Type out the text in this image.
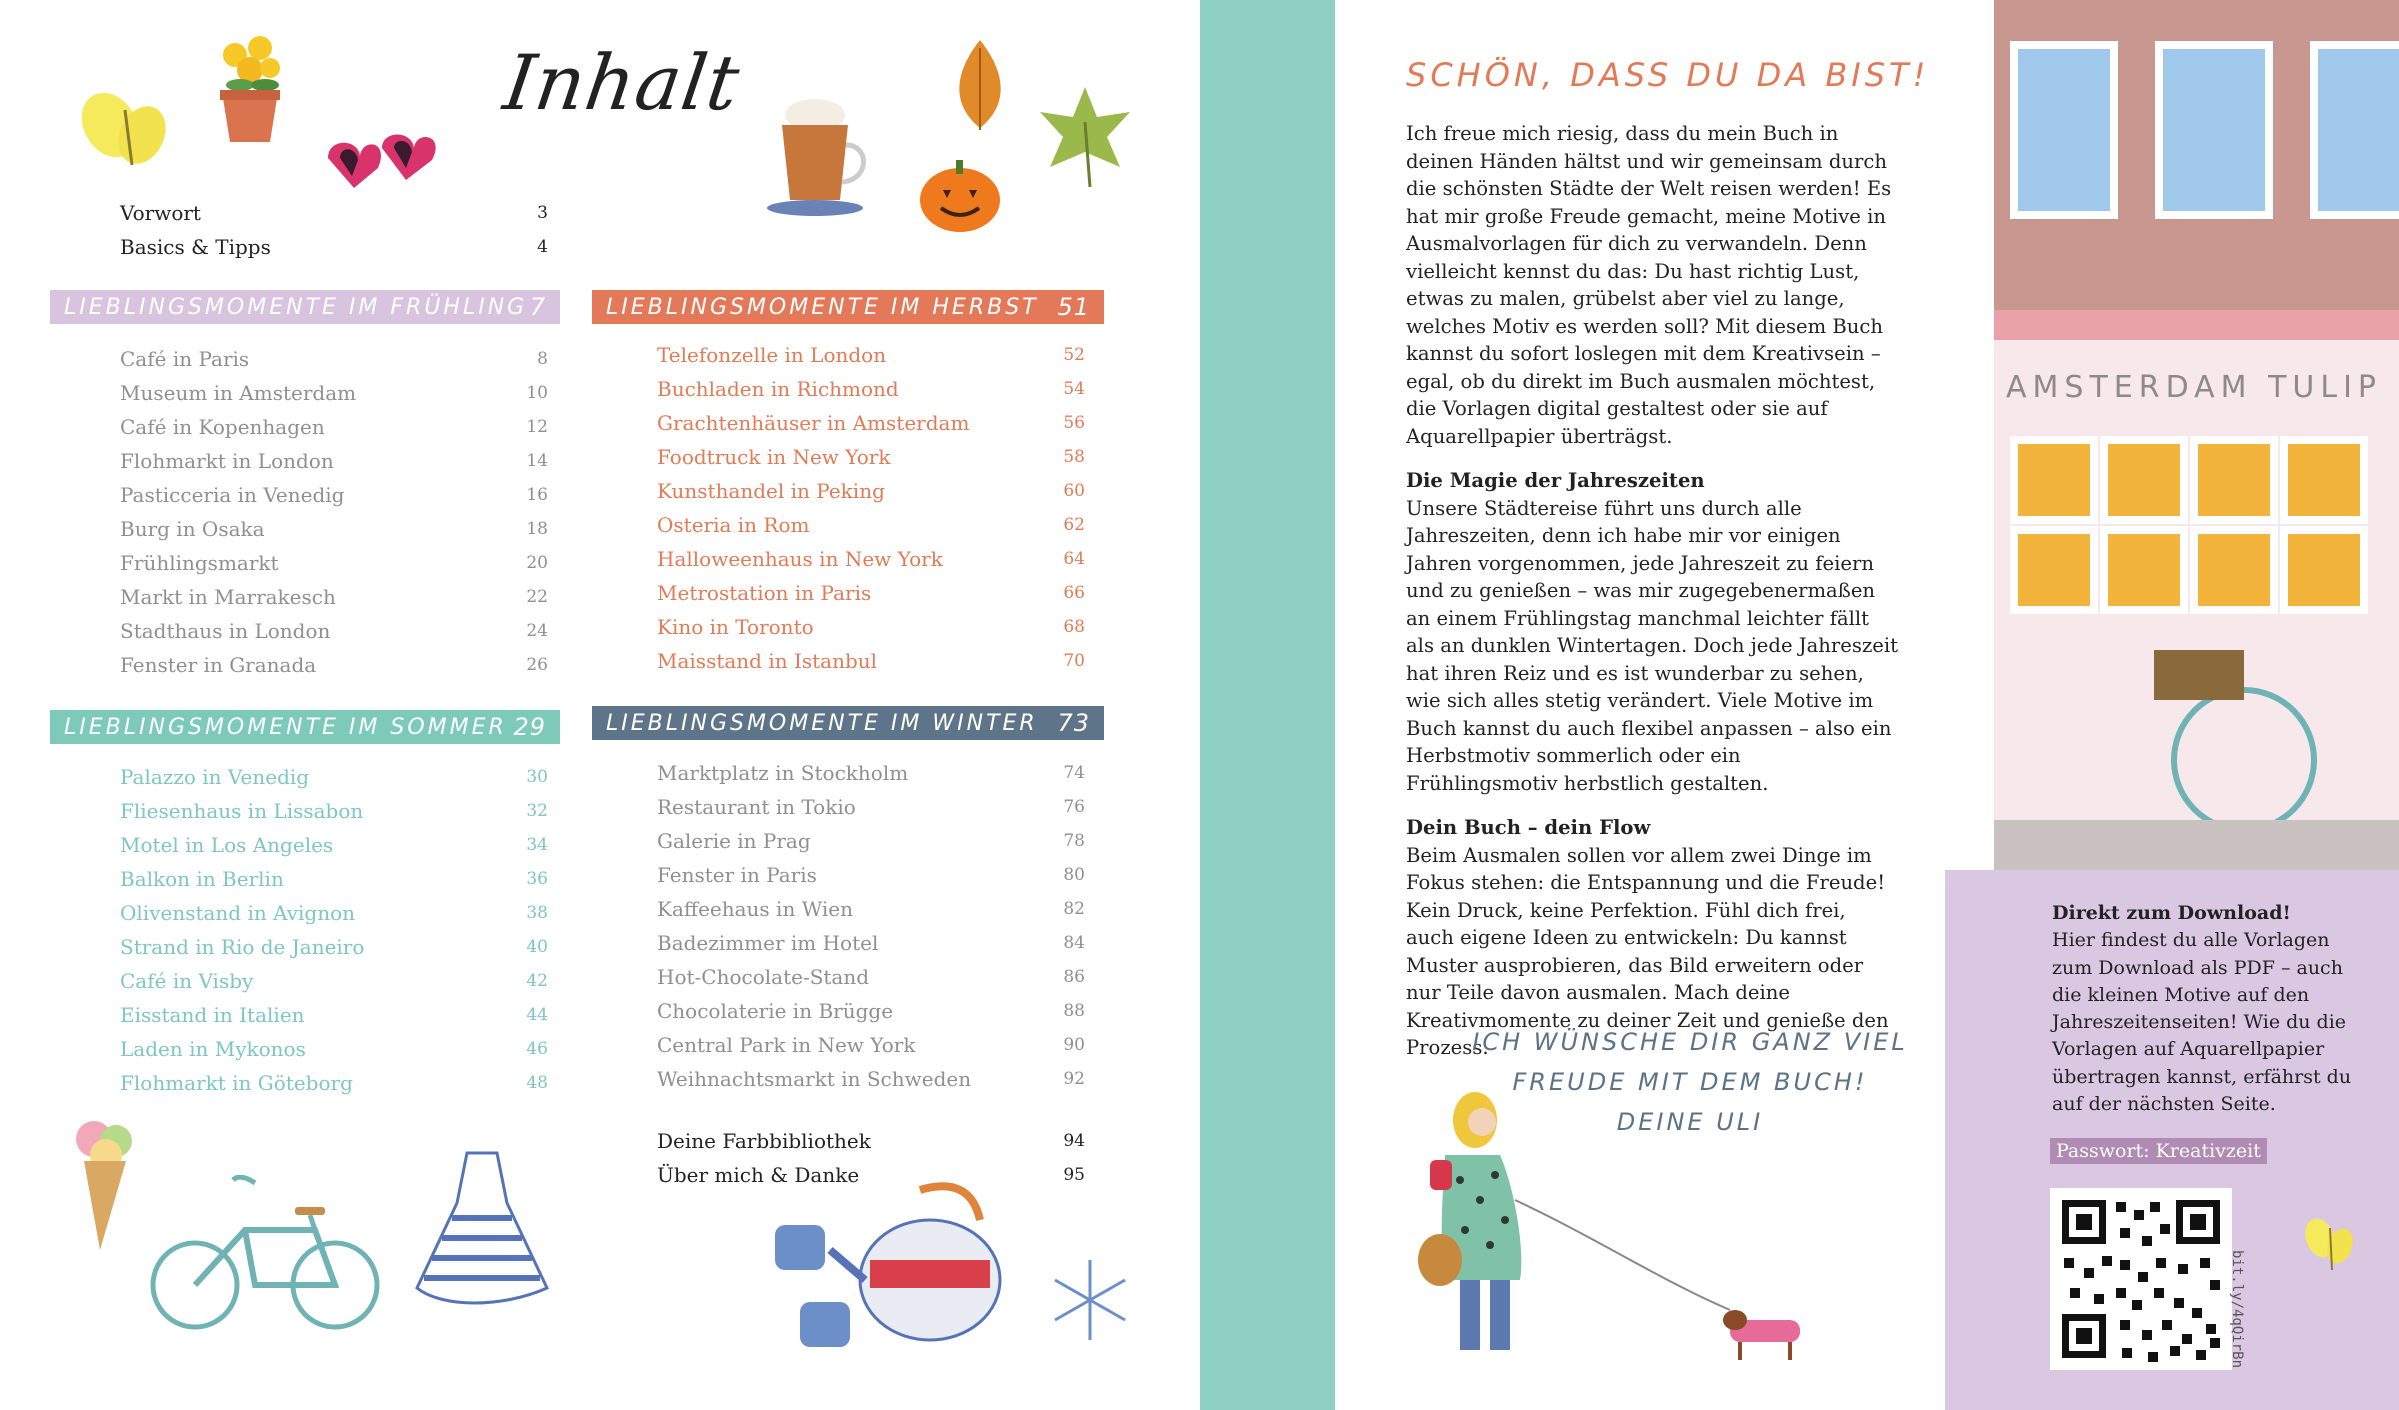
Inhalt
Vorwort	3
Basics & Tipps	4
LIEBLINGSMOMENTE IM FRÜHLING 7
Café in Paris	8
Museum in Amsterdam	10
Café in Kopenhagen	12
Flohmarkt in London	14
Pasticceria in Venedig	16
Burg in Osaka	18
Frühlingsmarkt	20
Markt in Marrakesch	22
Stadthaus in London	24
Fenster in Granada	26
LIEBLINGSMOMENTE IM SOMMER 29
Palazzo in Venedig	30
Fliesenhaus in Lissabon	32
Motel in Los Angeles	34
Balkon in Berlin	36
Olivenstand in Avignon	38
Strand in Rio de Janeiro	40
Café in Visby	42
Eisstand in Italien	44
Laden in Mykonos	46
Flohmarkt in Göteborg	48
LIEBLINGSMOMENTE IM HERBST 51
Telefonzelle in London	52
Buchladen in Richmond	54
Grachtenhäuser in Amsterdam	56
Foodtruck in New York	58
Kunsthandel in Peking	60
Osteria in Rom	62
Halloweenhaus in New York	64
Metrostation in Paris	66
Kino in Toronto	68
Maisstand in Istanbul	70
LIEBLINGSMOMENTE IM WINTER 73
Marktplatz in Stockholm	74
Restaurant in Tokio	76
Galerie in Prag	78
Fenster in Paris	80
Kaffeehaus in Wien	82
Badezimmer im Hotel	84
Hot-Chocolate-Stand	86
Chocolaterie in Brügge	88
Central Park in New York	90
Weihnachtsmarkt in Schweden	92
Deine Farbbibliothek	94
Über mich & Danke	95
SCHÖN, DASS DU DA BIST!

Ich freue mich riesig, dass du mein Buch in deinen Händen hältst und wir gemeinsam durch die schönsten Städte der Welt reisen werden! Es hat mir große Freude gemacht, meine Motive in Ausmalvorlagen für dich zu verwandeln. Denn vielleicht kennst du das: Du hast richtig Lust, etwas zu malen, grübelst aber viel zu lange, welches Motiv es werden soll? Mit diesem Buch kannst du sofort loslegen mit dem Kreativsein – egal, ob du direkt im Buch ausmalen möchtest, die Vorlagen digital gestaltest oder sie auf Aquarellpapier überträgst.

Die Magie der Jahreszeiten

Unsere Städtereise führt uns durch alle Jahreszeiten, denn ich habe mir vor einigen Jahren vorgenommen, jede Jahreszeit zu feiern und zu genießen – was mir zugegebenermaßen an einem Frühlingstag manchmal leichter fällt als an dunklen Wintertagen. Doch jede Jahreszeit hat ihren Reiz und es ist wunderbar zu sehen, wie sich alles stetig verändert. Viele Motive im Buch kannst du auch flexibel anpassen – also ein Herbstmotiv sommerlich oder ein Frühlingsmotiv herbstlich gestalten.

Dein Buch – dein Flow

Beim Ausmalen sollen vor allem zwei Dinge im Fokus stehen: die Entspannung und die Freude! Kein Druck, keine Perfektion. Fühl dich frei, auch eigene Ideen zu entwickeln: Du kannst Muster ausprobieren, das Bild erweitern oder nur Teile davon ausmalen. Mach deine Kreativmomente zu deiner Zeit und genieße den Prozess.

ICH WÜNSCHE DIR GANZ VIEL
FREUDE MIT DEM BUCH!
DEINE ULI
AMSTERDAM TULIP
Direkt zum Download!
Hier findest du alle Vorlagen zum Download als PDF – auch die kleinen Motive auf den Jahreszeitenseiten! Wie du die Vorlagen auf Aquarellpapier übertragen kannst, erfährst du auf der nächsten Seite.
Passwort: Kreativzeit
bit.ly/4qQirBn
